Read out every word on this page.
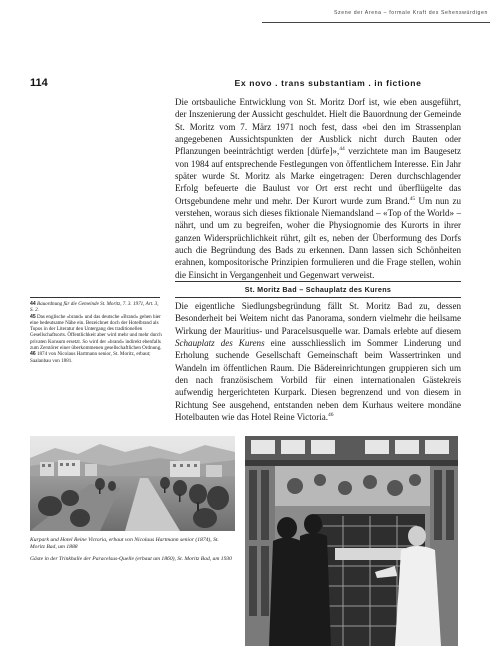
Szene der Arena – formale Kraft des Sehenswürdigen
114	Ex novo . trans substantiam . in fictione

Die ortsbauliche Entwicklung von St. Moritz Dorf ist, wie eben ausgeführt, der Inszenierung der Aussicht geschuldet. Hielt die Bauordnung der Gemeinde St. Moritz vom 7. März 1971 noch fest, dass «bei den im Strassenplan angegebenen Aussichtspunkten der Ausblick nicht durch Bauten oder Pflanzungen beeinträchtigt werden [dürfe]»,$^{44}$ verzichtete man im Baugesetz von 1984 auf entsprechende Festlegungen von öffentlichem Interesse. Ein Jahr später wurde St. Moritz als Marke eingetragen: Deren durchschlagender Erfolg befeuerte die Baulust vor Ort erst recht und überflügelte das Ortsgebundene mehr und mehr. Der Kurort wurde zum Brand.$^{45}$ Um nun zu verstehen, woraus sich dieses fiktionale Niemandsland – «Top of the World» – nährt, und um zu begreifen, woher die Physiognomie des Kurorts in ihrer ganzen Widersprüchlichkeit rührt, gilt es, neben der Überformung des Dorfs auch die Begründung des Bads zu erkennen. Dann lassen sich Schönheiten erahnen, kompositorische Prinzipien formulieren und die Frage stellen, wohin die Einsicht in Vergangenheit und Gegenwart verweist.

44 Bauordnung für die Gemeinde St. Moritz, 7. 3. 1971, Art. 3, S. 2.

45 Das englische «brand» und das deutsche «Brand» gehen hier eine bedeutsame Nähe ein. Bezeichnet doch der Hotelbrand als Topos in der Literatur den Untergang des traditionellen Gesellschaftsorts. Öffentlichkeit aber wird mehr und mehr durch privaten Konsum ersetzt. So wird der «brand» indirekt ebenfalls zum Zerstörer einer überkommenen gesellschaftlichen Ordnung.

46 1874 von Nicolaus Hartmann senior, St. Moritz, erbaut; Saalanbau von 1881.

St. Moritz Bad – Schauplatz des Kurens

Die eigentliche Siedlungsbegründung fällt St. Moritz Bad zu, dessen Besonderheit bei Weitem nicht das Panorama, sondern vielmehr die heilsame Wirkung der Mauritius- und Paracelsusquelle war. Damals erlebte auf diesem Schauplatz des Kurens eine ausschliesslich im Sommer Linderung und Erholung suchende Gesellschaft Gemeinschaft beim Wassertrinken und Wandeln im öffentlichen Raum. Die Bädereinrichtungen gruppieren sich um den nach französischem Vorbild für einen internationalen Gästekreis aufwendig hergerichteten Kurpark. Diesen begrenzend und von diesem in Richtung See ausgehend, entstanden neben dem Kurhaus weitere mondäne Hotelbauten wie das Hotel Reine Victoria.$^{46}$

Kurpark und Hotel Reine Victoria, erbaut von Nicolaus Hartmann senior (1874), St. Moritz Bad, um 1888

Gäste in der Trinkhalle der Paracelsus-Quelle (erbaut um 1860), St. Moritz Bad, um 1930
